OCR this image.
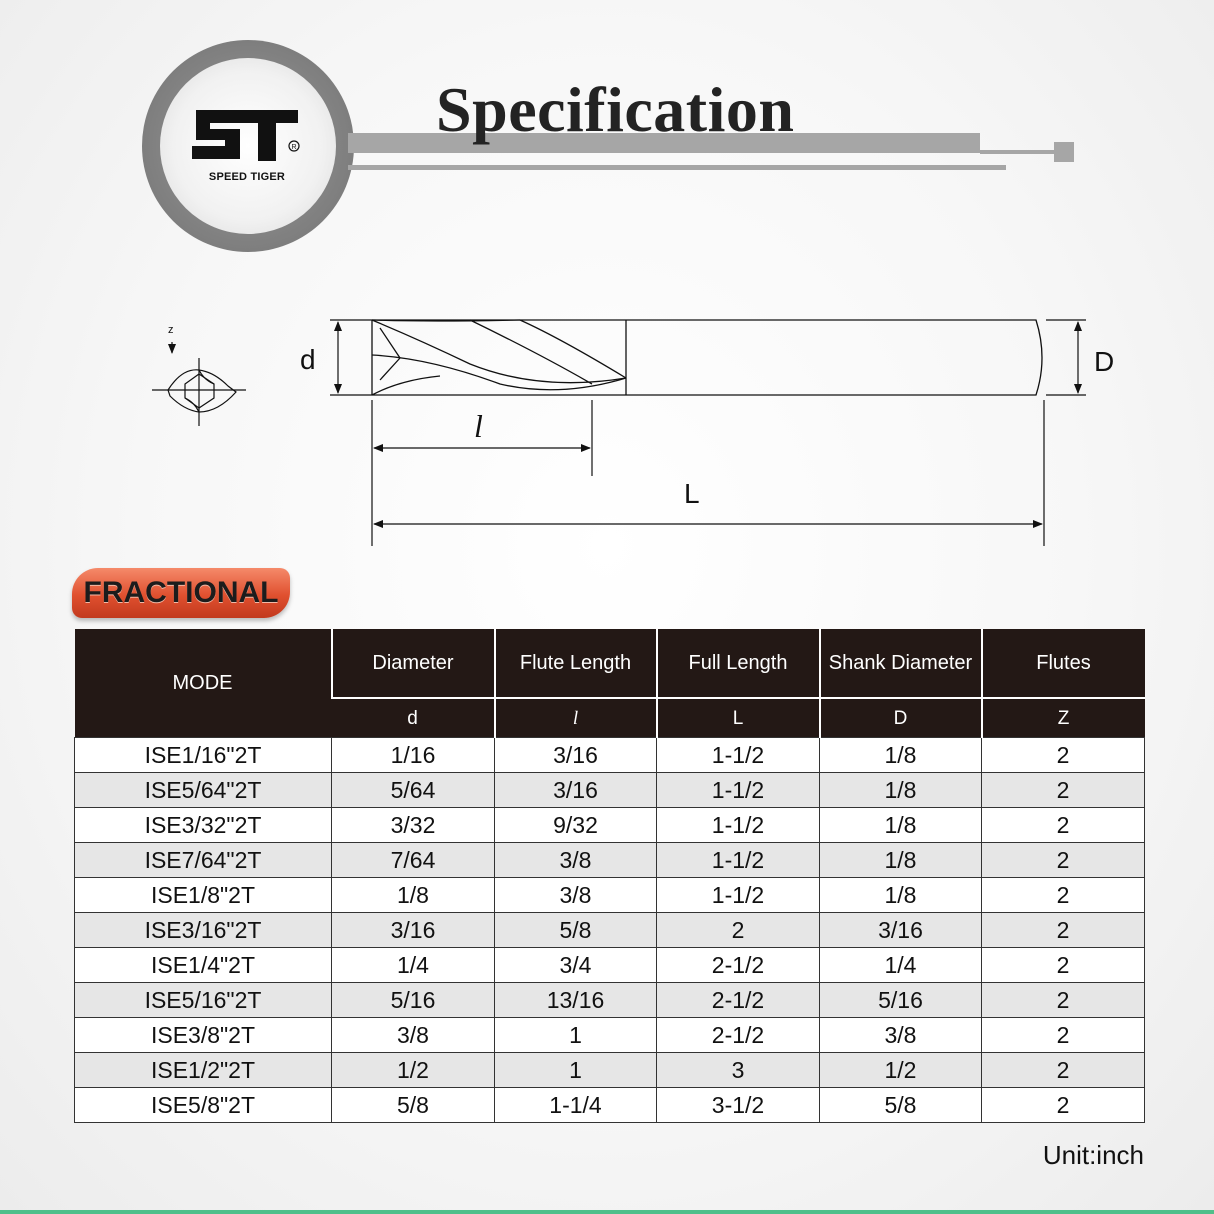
R
SPEED TIGER
Specification
z
d	D
l
L
FRACTIONAL
MODE	Diameter	Flute Length	Full Length	Shank Diameter	Flutes
	d	l	L	D	Z
ISE1/16"2T	1/16	3/16	1-1/2	1/8	2
ISE5/64"2T	5/64	3/16	1-1/2	1/8	2
ISE3/32"2T	3/32	9/32	1-1/2	1/8	2
ISE7/64"2T	7/64	3/8	1-1/2	1/8	2
ISE1/8"2T	1/8	3/8	1-1/2	1/8	2
ISE3/16"2T	3/16	5/8	2	3/16	2
ISE1/4"2T	1/4	3/4	2-1/2	1/4	2
ISE5/16"2T	5/16	13/16	2-1/2	5/16	2
ISE3/8"2T	3/8	1	2-1/2	3/8	2
ISE1/2"2T	1/2	1	3	1/2	2
ISE5/8"2T	5/8	1-1/4	3-1/2	5/8	2
Unit:inch
